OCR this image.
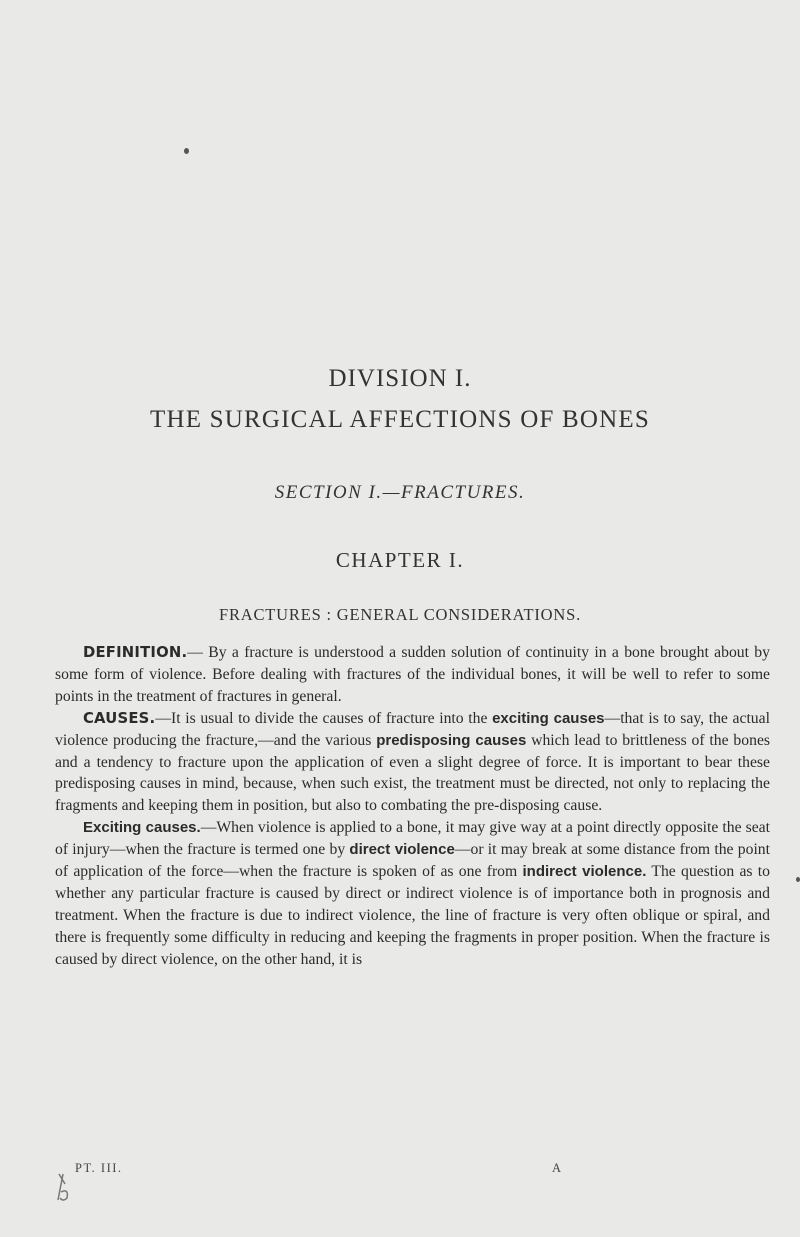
DIVISION I.
THE SURGICAL AFFECTIONS OF BONES
SECTION I.—FRACTURES.
CHAPTER I.
FRACTURES : GENERAL CONSIDERATIONS.

DEFINITION.— By a fracture is understood a sudden solution of continuity in a bone brought about by some form of violence. Before dealing with fractures of the individual bones, it will be well to refer to some points in the treatment of fractures in general.

CAUSES.—It is usual to divide the causes of fracture into the exciting causes—that is to say, the actual violence producing the fracture,—and the various predisposing causes which lead to brittleness of the bones and a tendency to fracture upon the application of even a slight degree of force. It is important to bear these predisposing causes in mind, because, when such exist, the treatment must be directed, not only to replacing the fragments and keeping them in position, but also to combating the pre-disposing cause.

Exciting causes.—When violence is applied to a bone, it may give way at a point directly opposite the seat of injury—when the fracture is termed one by direct violence—or it may break at some distance from the point of application of the force—when the fracture is spoken of as one from indirect violence. The question as to whether any particular fracture is caused by direct or indirect violence is of importance both in prognosis and treatment. When the fracture is due to indirect violence, the line of fracture is very often oblique or spiral, and there is frequently some difficulty in reducing and keeping the fragments in proper position. When the fracture is caused by direct violence, on the other hand, it is

PT. III.	A
